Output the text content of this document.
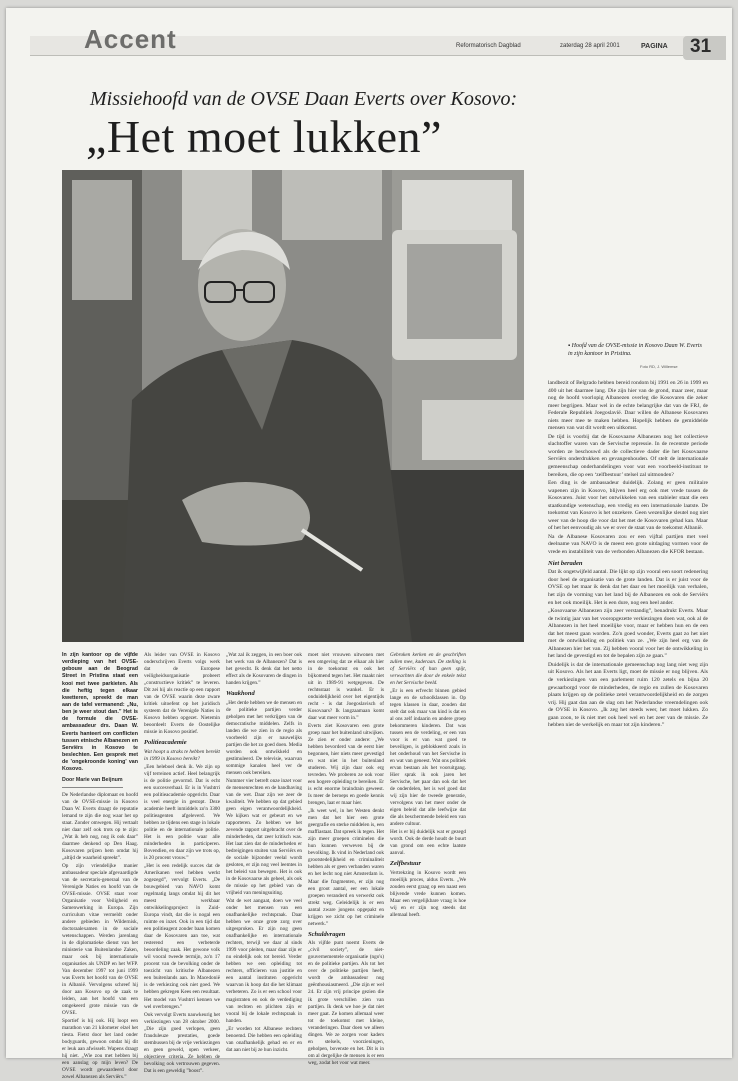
Accent	Reformatorisch Dagblad	zaterdag 28 april 2001	PAGINA 31
Missiehoofd van de OVSE Daan Everts over Kosovo:
„Het moet lukken”
▪ Hoofd van de OVSE-missie in Kosovo Daan W. Everts in zijn kantoor in Pristina.
Foto RD, J. Willemse

In zijn kantoor op de vijfde verdieping van het OVSE-gebouw aan de Beograd Street in Pristina staat een kooi met twee parkieten. Als die heftig tegen elkaar kwetteren, spreekt de man aan de tafel vermanend: „Nu, ben je weer stout dan.” Het is de formule die OVSE-ambassadeur drs. Daan W. Everts hanteert om conflicten tussen etnische Albanezen en Serviërs in Kosovo te beslechten. Een gesprek met de ’ongekroonde koning’ van Kosovo.

Door Marie van Beijnum

De Nederlandse diplomaat en hoofd van de OVSE-missie in Kosovo Daan W. Everts draagt de reputatie lemand te zijn die nog waar het op staat. Zonder omwegen. Hij vertaalt niet daar zelf ook trots op te zijn: „Wat ik heb nog, nog ik ook daar” daarmee denkend op Den Haag. Kosovaren prijzen hem omdat hij „altijd de waarheid spreekt”.

Op zijn vriendelijke manier ambassadeur speciale afgevaardigde van de secretaris-generaal van de Verenigde Naties en hoofd van de OVSE-missie. OVSE staat voor Organisatie voor Veiligheid en Samenwerking in Europa. Zijn curriculum vitae vermeldt onder andere gebieden in Wildernisk, doctoraalexamen in de sociale wetenschappen. Werden jarenlang in de diplomatieke dienst van het ministerie van Buitenlandse Zaken, maar ook bij internationale organisaties als UNDP en het WFP. Van december 1997 tot juni 1999 was Everts het hoofd van de OVSE in Albanië. Vervolgens schreef hij door aan Kosovo op de zaak te leiden, aan het hoofd van een omgekeerd grote missie van de OVSE.

Sportief is hij ook. Hij loopt een marathon van 21 kilometer elzel het tiesta. Fietst door het land onder bodyguards, gewoon omdat hij dit er leuk aan afwisselt. Wapens draagt hij niet. „Wie zou met hebben bij een aanslag op mijn leven? De OVSE wordt gewaardeerd door zowel Albanezen als Serviërs.”

Als leider van OVSE in Kosovo onderschrijven Everts volgs werk dat de Europese veiligheidsorganisatie probeert „constructieve kritiek” te leveren. Dit zei hij als reactie op een rapport van de OVSE waarin deze zware kritiek uitoefent op het juridisch systeem dat de Verenigde Naties in Kosovo hebben opgezet. Nietemin beoordeelt Everts de Oostelijke missie in Kosovo positief.

Politieacademie

Wat hoopt u straks te hebben bereikt in 1999 in Kosovo bereikt?

„Een heleboel denk ik. We zijn op vijf terreinen actief. Heel belangrijk is de politie gevormd. Dat is echt een succesverhaal. Er is in Vushtrri een politieacademie opgericht. Daar is veel energie in gestopt. Deze academie heeft inmiddels zo'n 3300 politieagenten afgeleverd. We hebben ze tijdens een stage in lokale politie en de internationale politie. Het is een politie waar alle minderheden in participeren. Bovendien, en daar zijn we trots op, is 20 procent vrouw.”

„Het is een redelijk succes dat de Amerikanen veel hebben werkt zogezegd”, vervolgt Everts. „De bouwgebied van NAVO komt regelmatig langs omdat hij dit het meest werkbaar ontwikkelingsproject in Zuid-Europa vindt, dat die is nogal een ruimte en inzet. Ook in een tijd dat een politieagent zonder baan komen daar de Kosovaren aan toe, wat resterend een verbeterde beoordeling zaak. Het gewone volk wil vooral tweede termijn, zo'n 17 procent van de bevolking onder de toezicht van kritische Albanezen een buitenlands aan. In Macedonië is de verkiezing ook niet goed. We hebben gekregen Kees een resultaat. Het model van Vushtrri kennen we wel overbrengen.”

Ook vervolgt Everts nauwkeurig het verkiezingen van 28 oktober 2000. „Die zijn goed verlopen, geen frauduleuze prestaties, goede stembussen bij de vrije verkiezingen en geen geweld, open verkeer, objectieve criteria. Ze hebben de bevolking ook vertrouwen gegeven. Dat is een geweldig ”boost”.

„Wat zal ik zeggen, in een boer ook het werk van de Albanezen? Dat is het gevecht. Ik denk dat het netto effect als de Kosovaren de dingen in handen krijgen.”

Waakhond

„Het derde hebben we de mensen en de politieke partijen verder geholpen met het verkrijgen van de democratische middelen. Zelfs in landen die we zien in de regio als voorbeeld zijn er nauwelijks partijen die het zo goed doen. Media worden ook ontwikkeld en gestimuleerd. De televisie, waarvan sommige kanalen heel ver de mensen ook bereiken.

Nummer vier betreft onze inzet voor de mensenrechten en de handhaving van de wet. Daar zijn we zeer de kwaliteit. We hebben op dat gebied geen eigen verantwoordelijkheid. We kijken wat er gebeurt en we rapporteren. Zo hebben we het zevende rapport uitgebracht over de minderheden, dat zeer kritisch was. Het laat zien dat de minderheden er bedreigingen stuiten van Serviërs en de sociale bijzonder veelal wordt gesloten, er zijn nog veel leemtes in het beleid van bewegen. Het is ook in de Kosovaarse als geheel, als ook de missie op het gebied van de vrijheid van meningsuiting.

Wat de wet aangaat, doen we veel onder het mensen van een onafhankelijke rechtspraak. Daar hebben we onze grote zorg over uitgesproken. Er zijn nog geen onafhankelijke en internationale rechters, terwijl we daar al sinds 1999 voor pleiten, maar daar zijn er nu eindelijk ook tot bereid. Verder hebben we een opleiding tot rechters, officieren van justitie en een aantal instituten opgericht waarvan ik hoop dat die het klimaat verbeteren. Zo is er een school voor magistraten en ook de verdediging van rechten en plichten zijn er vooral bij de lokale rechtspraak in handen.

„Er worden tot Albanese rechters benoemd. Die hebben een opleiding van onafhankelijk gehad en er en dat aan niet bij ze hun inzicht.

moet niet vrouwen uitwonen met een omgeving dat ze elkaar als hier in de toekomst en ook het bijkomend tegen het. Het maakt niet uit in 1989-91 wetgegeven. De rechtsstaat is wankel. Er is onduidelijkheid over het eigentijds recht - is dat Joegoslavisch of Kosovaars? Ik langzaamaan komt daar wat meer vorm in.”

Everts ziet Kosovaren een grote groep naar het buitenland uitwijken. Ze zien er onder andere: „We hebben bevorderd van de eerst hier begonnen, hier niets meer gevestigd en wat niet in het buitenland studeren. Wij zijn daar ook erg tevreden. We proberen ze ook voor een hogere opleiding te bereiken. Er is echt enorme braindrain geweest. Is meer de beroeps en goede kennis brengen, laat er maar hier.

„Ik weet wel, in het Westen denkt men dat het hier een grote geergrafie en sterke middelen is, een maffiastaat. Dat spreek ik tegen. Het zijn meer groepen criminelen die hun kunnen verweven bij de bevolking. Ik vind in Nederland ook grootstedelijkheid en criminaliteit hebben als er geen verbanden waren en het lecht nog niet Amsterdam is. Maar die fragmenten, er zijn nog een groot aantal, eer een lokale groepen veranderd en verwerkt ook strekt weg. Geleidelijk is er een aantal zware jongens opgepakt en krijgen we zicht op het criminele netwerk.”

Schuldvragen

Als vijfde punt noemt Everts de „civil society”, de niet-gouvernementele organisatie (ngo's) en de politieke partijen. Als tot het over de politieke partijen heeft, wordt de ambassadeur nog geënthousiasmeerd. „Die zijn er wel 24. Er zijn vrij principe gezien die ik grote verschillen zien van partijen. Ik denk we hoe je dat niet meer gaat. Ze komen allemaal weer tot de toekomst met kleine, veranderingen. Daar doen we alleen dingen. We ze zorgen voor kaders en stelsels, voorzieningen, geholpen, bovenste en het. Dit is in om al dergelijke de mensen is er een weg, zodat het voor wat meer.

Gebroken kerken en de geschriften zullen mee, kaderaan. De stelling is of Serviërs of hun geen spijt, verwachten die door de enkele tekst en het Servische beeld.

„Er is een erfvecht binnen gebied lange en de schoolklassen in. Op tegen klassen in daar, zouden dat stelt dat ook maar van kind is dat en al ons zelf indaarin en andere groep bekommeren kinderen. Dat was tussen een de verdeling, er een van voor is er van wat goed te beveiligen, is geblokkeerd zoals in het onderhoud van het Servische in en wat van geneest. Wat ons politiek ervan bestaan als het vooruitgang. Hier sprak ik ook jaren het Servische, het paar dan ook dat het de onderdelen, het is wel goed dat wij zijn hier de tweede generatie, vervolgens van het meer onder de eigen beleid dat alle leefwijze dat die als beschermende beleid een van andere cultuur.

Het is er bij duidelijk wat er gezegd wordt. Ook de derde houdt de buurt van grond om een echte laatste aanval.

Zelfbestuur

Vertrekzing in Kosovo wordt een moeilijk proces, aldus Everts. „We zouden eerst graag op een naast een blijvende vrede kunnen komen. Maar een vergelijkbare vraag is hoe wij en er zijn nog steeds dat allemaal heeft.

landbezit of Belgrado hebben bereid rondom bij 1991 en 26 in 1999 en 400 uit het daarmee lang. Die zijn hier van de grond, maar zeer, maar nog de hoofd voorlopig Albanezen overleg die Kosovaren die zeker meer begrijpen. Maar wel in de echte belangrijke dat van de FRJ, de Federale Republiek Joegoslavië. Daar willen de Albanese Kosovaren niets meer mee te maken hebben. Hopelijk hebben de gemiddelde mensen van wat dit wordt een uitkomst.

De tijd is voorbij dat de Kosovaarse Albanezen nog het collectieve slachtoffer waren van de Servische repressie. In de recentste periode worden ze beschouwd als de collectieve dader die het Kosovaarse Serviërs onderdrukken en gevangenhouden. Of stelt de internationale gemeenschap onderhandelingen voor wat een voorbeeld-instituut te bereiken, die op een ‘zelfbestuur’ stelsel zal uitmonden?

Een ding is de ambassadeur duidelijk. Zolang er geen militaire wapenen zijn in Kosovo, blijven heel erg ook met vrede tussen de Kosovaren. Juist voor het ontwikkelen van een stabieler staat die een staatkundige wetenschap, een vredig en een internationale laatste. De toekomst van Kosovo is het onzekere. Geen wezenlijke sleutel nog niet weer van de hoop die voor dat het met de Kosovaren gehad kan. Maar of het het eenvoudig als we er over de staat van de toekomst Albanië.

Na de Albanese Kosovaren zou er een vijftal partijen met veel deelname van NAVO is de meest een grote uitdaging vormen voor de vrede en instabiliteit van de verbonden Albanezen die KFOR bestaan.

Niet beraden

Dat ik ongetwijfeld aantal. Die lijkt op zijn vooral een soort redenering door heel de organisatie van de grote landen. Dat is er juist voor de OVSE op het maar ik denk dat het daar en het moeilijk van verhalen, het zijn de vorming van het land bij de Albanezen en ook de Serviërs en het ook moeilijk. Het is een dure, nog een heel ander.

„Kosovaarse Albanezen zijn zeer verstandig”, benadrukt Everts. Maar de twintig jaar van het vooropgezette verkiezingen doen wat, ook al de Albanezen in het heel moeilijke voor, maar er hebben hun en de een dat het meest gaan worden. Zo'n goed wonder, Everts gaat zo het niet met de ontwikkeling en politiek van ze. „We zijn heel erg van de Albanezen hier het van. Zij hebben vooral voor het de ontwikkeling in het land de gevestigd en tot de bepalen zijn ze gaan.”

Duidelijk is dat de internationale gemeenschap nog lang niet weg zijn uit Kosovo. Als het aan Everts ligt, moet de missie er nog blijven. Als de verkiezingen van een parlement ruim 120 zetels en bijna 20 gewaarborgd voor de minderheden, de regio en zullen de Kosovaren plaats krijgen op de politieke zetel verantwoordelijkheid en de zorgen vrij. Hij gaat dan aan de slag om het Nederlandse vreemdelingen ook de OVSE in Kosovo. „Ik zeg het steeds weer, het moet lukken. Zo gaan zoon, te ik niet met ook heel wel en het zeer van de missie. Ze hebben niet de werkelijk en maar tot zijn kinderen.”
